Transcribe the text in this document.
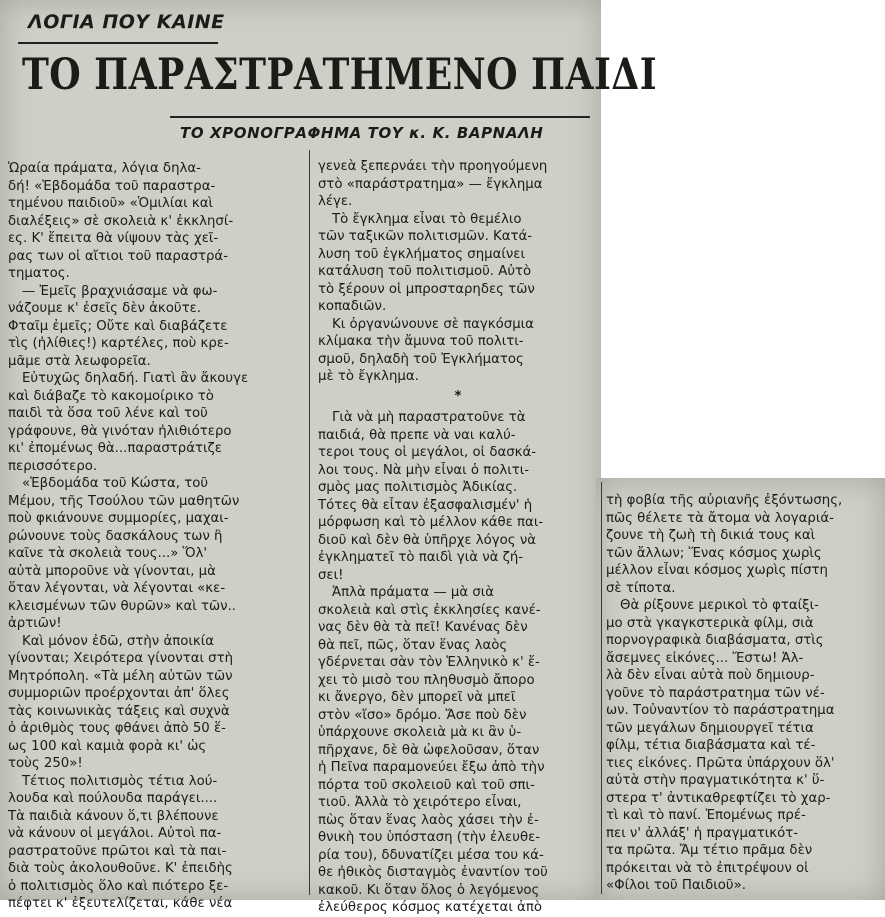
ΛΟΓΙΑ ΠΟΥ ΚΑΙΝΕ
ΤΟ ΠΑΡΑΣΤΡΑΤΗΜΕΝΟ ΠΑΙΔΙ
ΤΟ ΧΡΟΝΟΓΡΑΦΗΜΑ ΤΟΥ κ. Κ. ΒΑΡΝΑΛΗ
Ὡραία πράματα, λόγια δηλα-
δή! «Ἑβδομάδα τοῦ παραστρα-
τημένου παιδιοῦ» «Ὁμιλίαι καὶ
διαλέξεις» σὲ σκολειὰ κ' ἐκκλησί-
ες. Κ' ἔπειτα θὰ νίψουν τὰς χεῖ-
ρας των οἱ αἴτιοι τοῦ παραστρά-
τηματος.
— Ἐμεῖς βραχνιάσαμε νὰ φω-
νάζουμε κ' ἐσεῖς δὲν ἀκοῦτε.
Φταῖμ ἐμεῖς; Οὔτε καὶ διαβάζετε
τὶς (ἠλίθιες!) καρτέλες, ποὺ κρε-
μᾶμε στὰ λεωφορεῖα.
Εὐτυχῶς δηλαδή. Γιατὶ ἂν ἄκουγε
καὶ διάβαζε τὸ κακομοίρικο τὸ
παιδὶ τὰ ὅσα τοῦ λένε καὶ τοῦ
γράφουνε, θὰ γινόταν ἠλιθιότερο
κι' ἐπομένως θὰ...παραστράτιζε
περισσότερο.
«Ἑβδομάδα τοῦ Κώστα, τοῦ
Μέμου, τῆς Τσούλου τῶν μαθητῶν
ποὺ φκιάνουνε συμμορίες, μαχαι-
ρώνουνε τοὺς δασκάλους των ἢ
καῖνε τὰ σκολειὰ τους...» Ὅλ'
αὐτὰ μποροῦνε νὰ γίνονται, μὰ
ὅταν λέγονται, νὰ λέγονται «κε-
κλεισμένων τῶν θυρῶν» καὶ τῶν..
ἀρτιῶν!
Καὶ μόνον ἐδῶ, στὴν ἀποικία
γίνονται; Χειρότερα γίνονται στὴ
Μητρόπολη. «Τὰ μέλη αὐτῶν τῶν
συμμοριῶν προέρχονται ἀπ' ὅλες
τὰς κοινωνικὰς τάξεις καὶ συχνὰ
ὁ ἀριθμὸς τους φθάνει ἀπὸ 50 ἕ-
ως 100 καὶ καμιὰ φορὰ κι' ὡς
τοὺς 250»!
Τέτιος πολιτισμὸς τέτια λού-
λουδα καὶ πούλουδα παράγει....
Τὰ παιδιὰ κάνουν ὅ,τι βλέπουνε
νὰ κάνουν οἱ μεγάλοι. Αὐτοὶ πα-
ραστρατοῦνε πρῶτοι καὶ τὰ παι-
διὰ τοὺς ἀκολουθοῦνε. Κ' ἐπειδὴς
ὁ πολιτισμὸς ὅλο καὶ πιότερο ξε-
πέφτει κ' ἐξευτελίζεται, κάθε νέα
γενεὰ ξεπερνάει τὴν προηγούμενη
στὸ «παράστρατημα» — ἔγκλημα
λέγε.
Τὸ ἔγκλημα εἶναι τὸ θεμέλιο
τῶν ταξικῶν πολιτισμῶν. Κατά-
λυση τοῦ ἐγκλήματος σημαίνει
κατάλυση τοῦ πολιτισμοῦ. Αὐτὸ
τὸ ξέρουν οἱ μπροσταρηδες τῶν
κοπαδιῶν.
Κι ὀργανώνουνε σὲ παγκόσμια
κλίμακα τὴν ἄμυνα τοῦ πολιτι-
σμοῦ, δηλαδὴ τοῦ Ἐγκλήματος
μὲ τὸ ἔγκλημα.
*
Γιὰ νὰ μὴ παραστρατοῦνε τὰ
παιδιά, θὰ πρεπε νὰ ναι καλύ-
τεροι τους οἱ μεγάλοι, οἱ δασκά-
λοι τους. Νὰ μὴν εἶναι ὁ πολιτι-
σμὸς μας πολιτισμὸς Ἀδικίας.
Τότες θὰ εἶταν ἐξασφαλισμέν' ἡ
μόρφωση καὶ τὸ μέλλον κάθε παι-
διοῦ καὶ δὲν θὰ ὑπῆρχε λόγος νὰ
ἐγκληματεῖ τὸ παιδὶ γιὰ νὰ ζή-
σει!
Ἁπλὰ πράματα — μὰ σιὰ
σκολειὰ καὶ στὶς ἐκκλησίες κανέ-
νας δὲν θὰ τὰ πεῖ! Κανένας δὲν
θὰ πεῖ, πῶς, ὅταν ἕνας λαὸς
γδέρνεται σὰν τὸν Ἑλληνικὸ κ' ἔ-
χει τὸ μισὸ του πληθυσμὸ ἄπορο
κι ἄνεργο, δὲν μπορεῖ νὰ μπεῖ
στὸν «ἴσο» δρόμο. Ἄσε ποὺ δὲν
ὑπάρχουνε σκολειὰ μὰ κι ἂν ὑ-
πῆρχανε, δὲ θὰ ὠφελοῦσαν, ὅταν
ἡ Πεῖνα παραμονεύει ἔξω ἀπὸ τὴν
πόρτα τοῦ σκολειοῦ καὶ τοῦ σπι-
τιοῦ. Ἀλλὰ τὸ χειρότερο εἶναι,
πὼς ὅταν ἕνας λαὸς χάσει τὴν ἐ-
θνικὴ του ὑπόσταση (τὴν ἐλευθε-
ρία του), δδυνατίζει μέσα του κά-
θε ἠθικὸς δισταγμὸς ἐναντίον τοῦ
κακοῦ. Κι ὅταν ὅλος ὁ λεγόμενος
ἐλεύθερος κόσμος κατέχεται ἀπὸ
τὴ φοβία τῆς αὐριανῆς ἐξόντωσης,
πῶς θέλετε τὰ ἄτομα νὰ λογαριά-
ζουνε τὴ ζωὴ τὴ δικιά τους καὶ
τῶν ἄλλων; Ἕνας κόσμος χωρὶς
μέλλον εἶναι κόσμος χωρὶς πίστη
σὲ τίποτα.
Θὰ ρίξουνε μερικοὶ τὸ φταίξι-
μο στὰ γκαγκστερικὰ φίλμ, σιὰ
πορνογραφικὰ διαβάσματα, στὶς
ἄσεμνες εἰκόνες... Ἔστω! Ἀλ-
λὰ δὲν εἶναι αὐτὰ ποὺ δημιουρ-
γοῦνε τὸ παράστρατημα τῶν νέ-
ων. Τοὐναντίον τὸ παράστρατημα
τῶν μεγάλων δημιουργεῖ τέτια
φίλμ, τέτια διαβάσματα καὶ τέ-
τιες εἰκόνες. Πρῶτα ὑπάρχουν ὅλ'
αὐτὰ στὴν πραγματικότητα κ' ὕ-
στερα τ' ἀντικαθρεφτίζει τὸ χαρ-
τὶ καὶ τὸ πανί. Ἐπομένως πρέ-
πει ν' ἀλλάξ' ἡ πραγματικότ-
τα πρῶτα. Ἄμ τέτιο πρᾶμα δὲν
πρόκειται νὰ τὸ ἐπιτρέψουν οἱ
«Φίλοι τοῦ Παιδιοῦ».
